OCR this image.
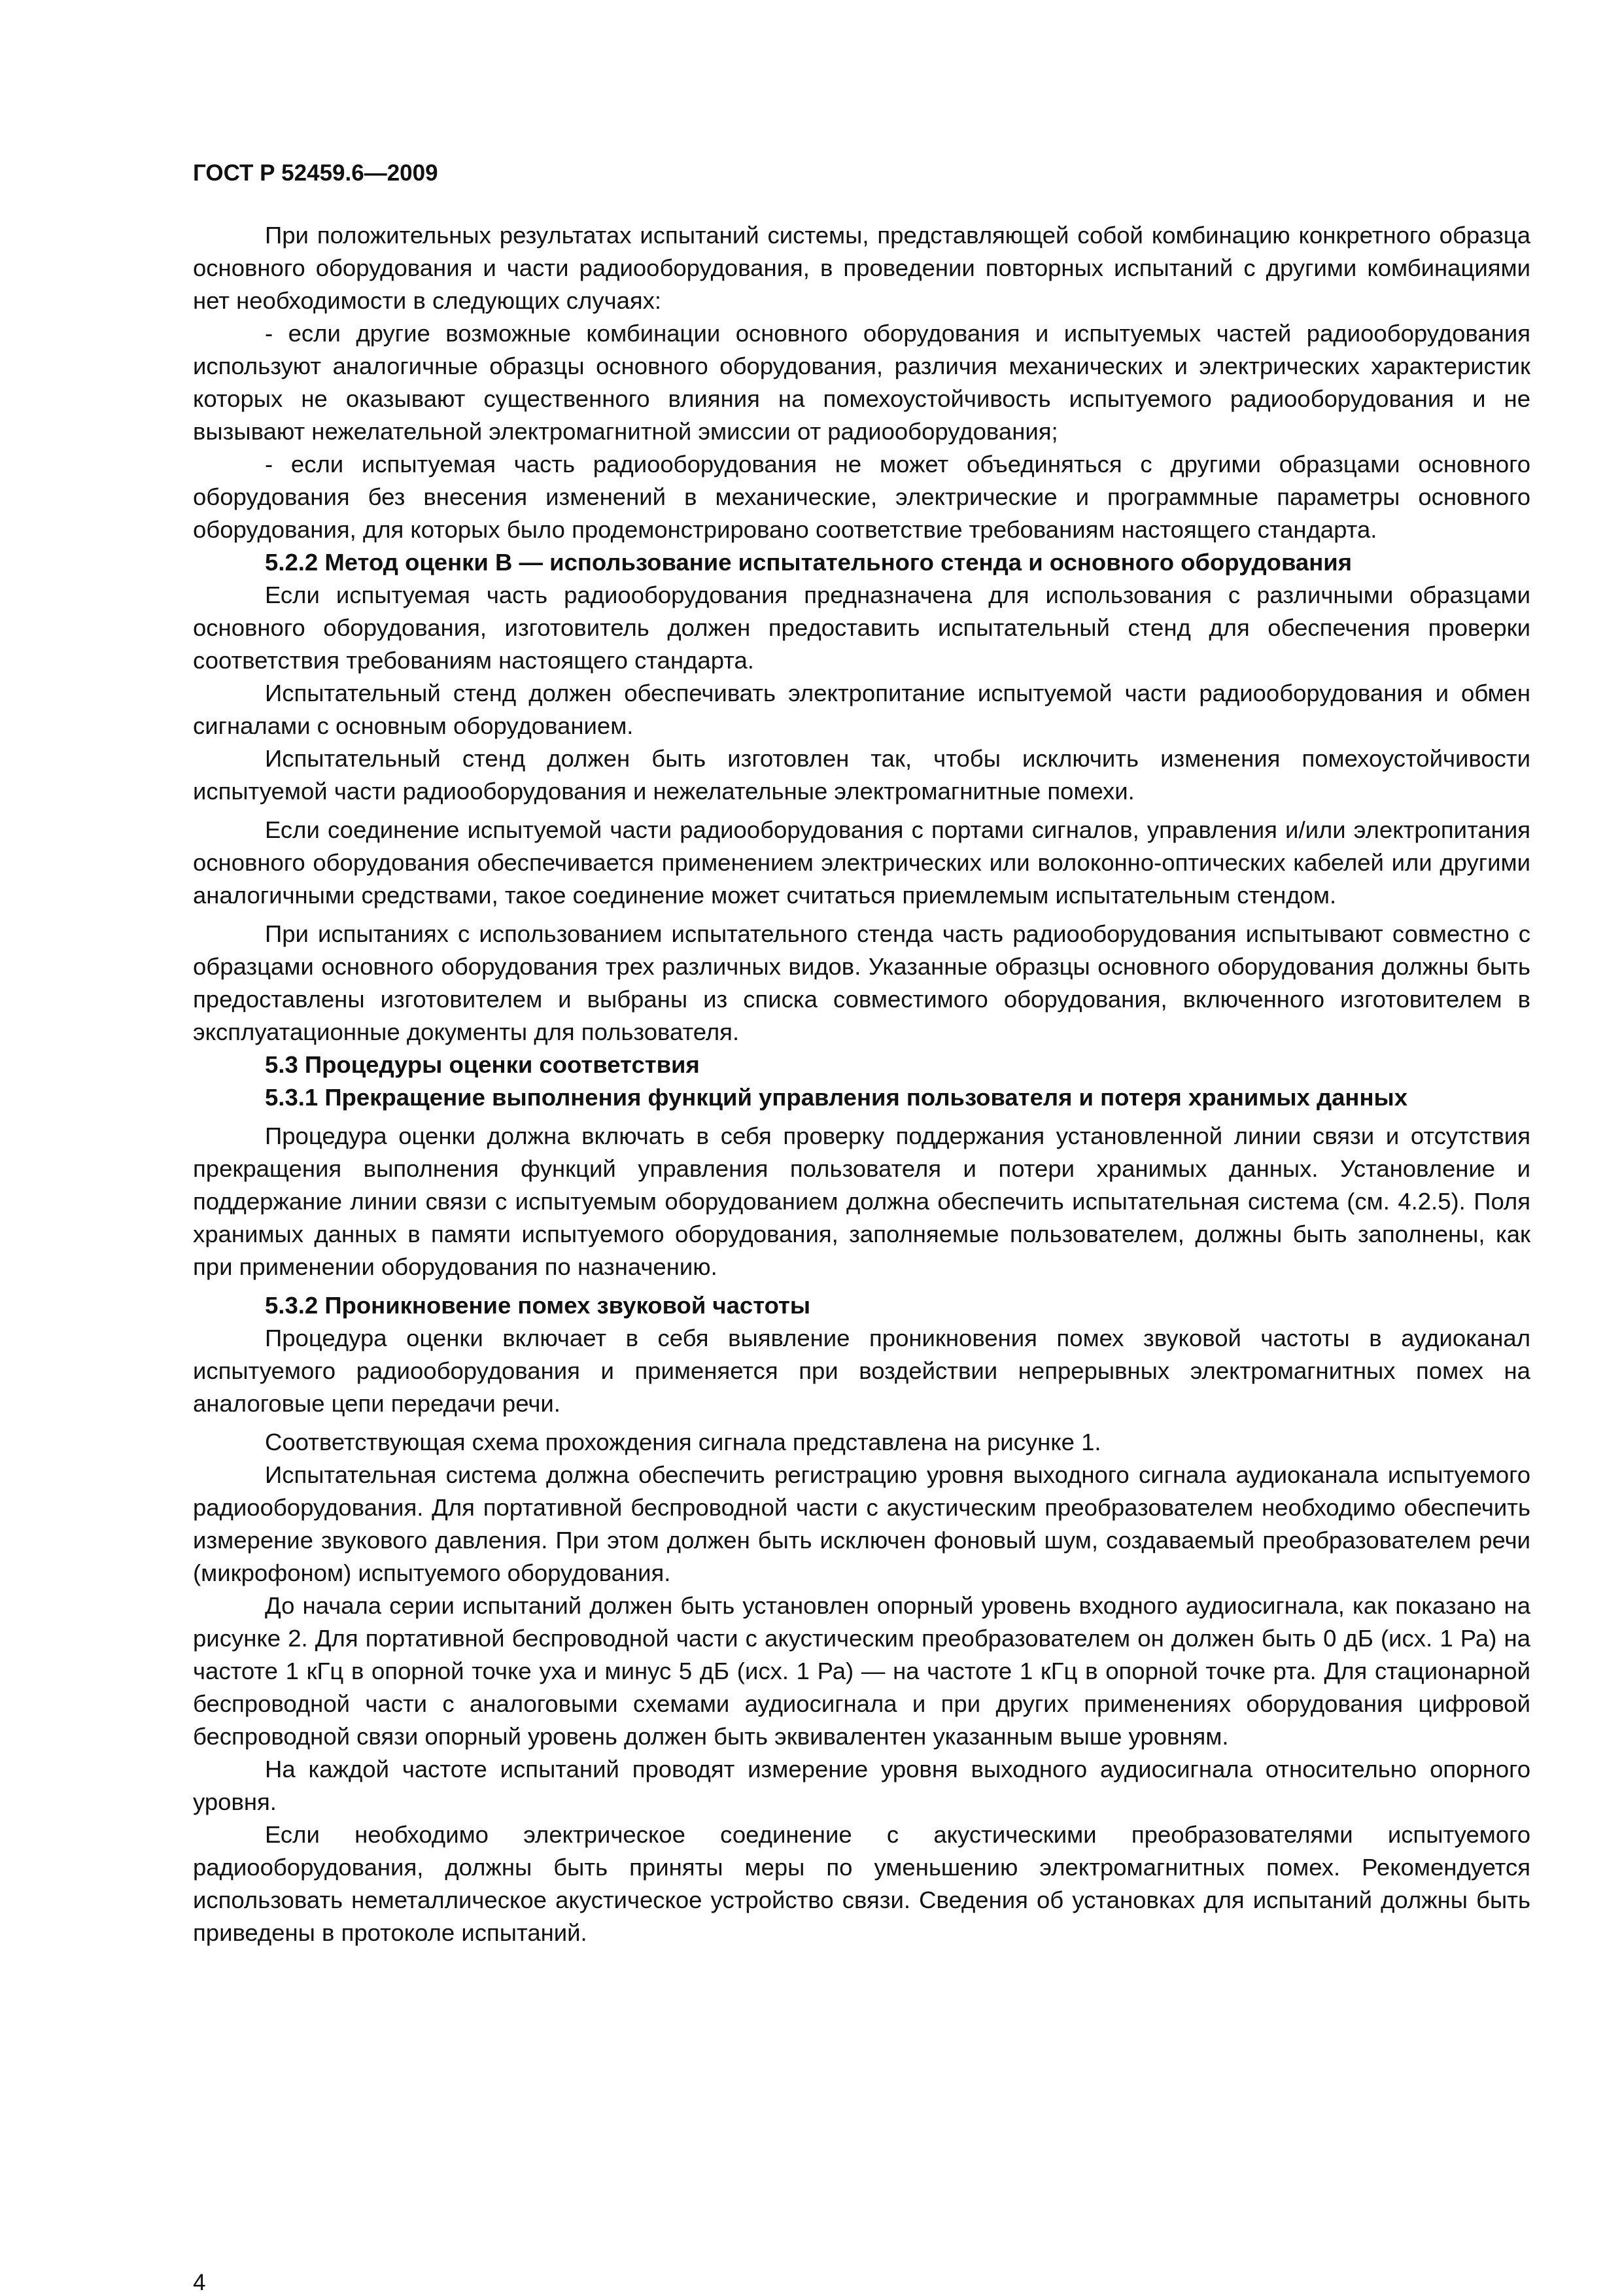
ГОСТ Р 52459.6—2009

При положительных результатах испытаний системы, представляющей собой комбинацию конкретного образца основного оборудования и части радиооборудования, в проведении повторных испытаний с другими комбинациями нет необходимости в следующих случаях:

- если другие возможные комбинации основного оборудования и испытуемых частей радиооборудования используют аналогичные образцы основного оборудования, различия механических и электрических характеристик которых не оказывают существенного влияния на помехоустойчивость испытуемого радиооборудования и не вызывают нежелательной электромагнитной эмиссии от радиооборудования;

- если испытуемая часть радиооборудования не может объединяться с другими образцами основного оборудования без внесения изменений в механические, электрические и программные параметры основного оборудования, для которых было продемонстрировано соответствие требованиям настоящего стандарта.

5.2.2 Метод оценки В — использование испытательного стенда и основного оборудования

Если испытуемая часть радиооборудования предназначена для использования с различными образцами основного оборудования, изготовитель должен предоставить испытательный стенд для обеспечения проверки соответствия требованиям настоящего стандарта.

Испытательный стенд должен обеспечивать электропитание испытуемой части радиооборудования и обмен сигналами с основным оборудованием.

Испытательный стенд должен быть изготовлен так, чтобы исключить изменения помехоустойчивости испытуемой части радиооборудования и нежелательные электромагнитные помехи.

Если соединение испытуемой части радиооборудования с портами сигналов, управления и/или электропитания основного оборудования обеспечивается применением электрических или волоконно-оптических кабелей или другими аналогичными средствами, такое соединение может считаться приемлемым испытательным стендом.

При испытаниях с использованием испытательного стенда часть радиооборудования испытывают совместно с образцами основного оборудования трех различных видов. Указанные образцы основного оборудования должны быть предоставлены изготовителем и выбраны из списка совместимого оборудования, включенного изготовителем в эксплуатационные документы для пользователя.

5.3 Процедуры оценки соответствия

5.3.1 Прекращение выполнения функций управления пользователя и потеря хранимых данных

Процедура оценки должна включать в себя проверку поддержания установленной линии связи и отсутствия прекращения выполнения функций управления пользователя и потери хранимых данных. Установление и поддержание линии связи с испытуемым оборудованием должна обеспечить испытательная система (см. 4.2.5). Поля хранимых данных в памяти испытуемого оборудования, заполняемые пользователем, должны быть заполнены, как при применении оборудования по назначению.

5.3.2 Проникновение помех звуковой частоты

Процедура оценки включает в себя выявление проникновения помех звуковой частоты в аудиоканал испытуемого радиооборудования и применяется при воздействии непрерывных электромагнитных помех на аналоговые цепи передачи речи.

Соответствующая схема прохождения сигнала представлена на рисунке 1.

Испытательная система должна обеспечить регистрацию уровня выходного сигнала аудиоканала испытуемого радиооборудования. Для портативной беспроводной части с акустическим преобразователем необходимо обеспечить измерение звукового давления. При этом должен быть исключен фоновый шум, создаваемый преобразователем речи (микрофоном) испытуемого оборудования.

До начала серии испытаний должен быть установлен опорный уровень входного аудиосигнала, как показано на рисунке 2. Для портативной беспроводной части с акустическим преобразователем он должен быть 0 дБ (исх. 1 Ра) на частоте 1 кГц в опорной точке уха и минус 5 дБ (исх. 1 Ра) — на частоте 1 кГц в опорной точке рта. Для стационарной беспроводной части с аналоговыми схемами аудиосигнала и при других применениях оборудования цифровой беспроводной связи опорный уровень должен быть эквивалентен указанным выше уровням.

На каждой частоте испытаний проводят измерение уровня выходного аудиосигнала относительно опорного уровня.

Если необходимо электрическое соединение с акустическими преобразователями испытуемого радиооборудования, должны быть приняты меры по уменьшению электромагнитных помех. Рекомендуется использовать неметаллическое акустическое устройство связи. Сведения об установках для испытаний должны быть приведены в протоколе испытаний.

4
